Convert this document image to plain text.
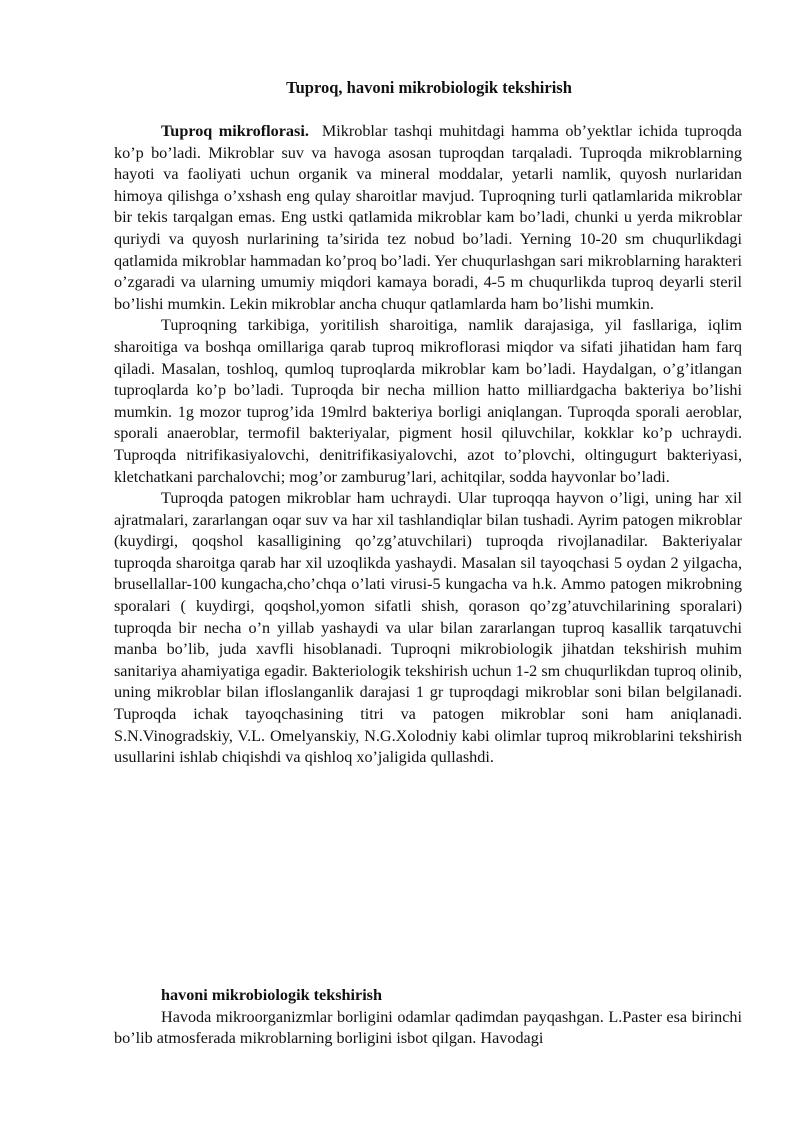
Tuproq, havoni mikrobiologik tekshirish

Tuproq mikroflorasi. Mikroblar tashqi muhitdagi hamma ob’yektlar ichida tuproqda ko’p bo’ladi. Mikroblar suv va havoga asosan tuproqdan tarqaladi. Tuproqda mikroblarning hayoti va faoliyati uchun organik va mineral moddalar, yetarli namlik, quyosh nurlaridan himoya qilishga o’xshash eng qulay sharoitlar mavjud. Tuproqning turli qatlamlarida mikroblar bir tekis tarqalgan emas. Eng ustki qatlamida mikroblar kam bo’ladi, chunki u yerda mikroblar quriydi va quyosh nurlarining ta’sirida tez nobud bo’ladi. Yerning 10-20 sm chuqurlikdagi qatlamida mikroblar hammadan ko’proq bo’ladi. Yer chuqurlashgan sari mikroblarning harakteri o’zgaradi va ularning umumiy miqdori kamaya boradi, 4-5 m chuqurlikda tuproq deyarli steril bo’lishi mumkin. Lekin mikroblar ancha chuqur qatlamlarda ham bo’lishi mumkin.

Tuproqning tarkibiga, yoritilish sharoitiga, namlik darajasiga, yil fasllariga, iqlim sharoitiga va boshqa omillariga qarab tuproq mikroflorasi miqdor va sifati jihatidan ham farq qiladi. Masalan, toshloq, qumloq tuproqlarda mikroblar kam bo’ladi. Haydalgan, o’g’itlangan tuproqlarda ko’p bo’ladi. Tuproqda bir necha million hatto milliardgacha bakteriya bo’lishi mumkin. 1g mozor tuprog’ida 19mlrd bakteriya borligi aniqlangan. Tuproqda sporali aeroblar, sporali anaeroblar, termofil bakteriyalar, pigment hosil qiluvchilar, kokklar ko’p uchraydi. Tuproqda nitrifikasiyalovchi, denitrifikasiyalovchi, azot to’plovchi, oltingugurt bakteriyasi, kletchatkani parchalovchi; mog’or zamburug’lari, achitqilar, sodda hayvonlar bo’ladi.

Tuproqda patogen mikroblar ham uchraydi. Ular tuproqqa hayvon o’ligi, uning har xil ajratmalari, zararlangan oqar suv va har xil tashlandiqlar bilan tushadi. Ayrim patogen mikroblar (kuydirgi, qoqshol kasalligining qo’zg’atuvchilari) tuproqda rivojlanadilar. Bakteriyalar tuproqda sharoitga qarab har xil uzoqlikda yashaydi. Masalan sil tayoqchasi 5 oydan 2 yilgacha, brusellallar-100 kungacha,cho’chqa o’lati virusi-5 kungacha va h.k. Ammo patogen mikrobning sporalari ( kuydirgi, qoqshol,yomon sifatli shish, qorason qo’zg’atuvchilarining sporalari) tuproqda bir necha o’n yillab yashaydi va ular bilan zararlangan tuproq kasallik tarqatuvchi manba bo’lib, juda xavfli hisoblanadi. Tuproqni mikrobiologik jihatdan tekshirish muhim sanitariya ahamiyatiga egadir. Bakteriologik tekshirish uchun 1-2 sm chuqurlikdan tuproq olinib, uning mikroblar bilan ifloslanganlik darajasi 1 gr tuproqdagi mikroblar soni bilan belgilanadi. Tuproqda ichak tayoqchasining titri va patogen mikroblar soni ham aniqlanadi. S.N.Vinogradskiy, V.L. Omelyanskiy, N.G.Xolodniy kabi olimlar tuproq mikroblarini tekshirish usullarini ishlab chiqishdi va qishloq xo’jaligida qullashdi.

havoni mikrobiologik tekshirish

Havoda mikroorganizmlar borligini odamlar qadimdan payqashgan. L.Paster esa birinchi bo’lib atmosferada mikroblarning borligini isbot qilgan. Havodagi
